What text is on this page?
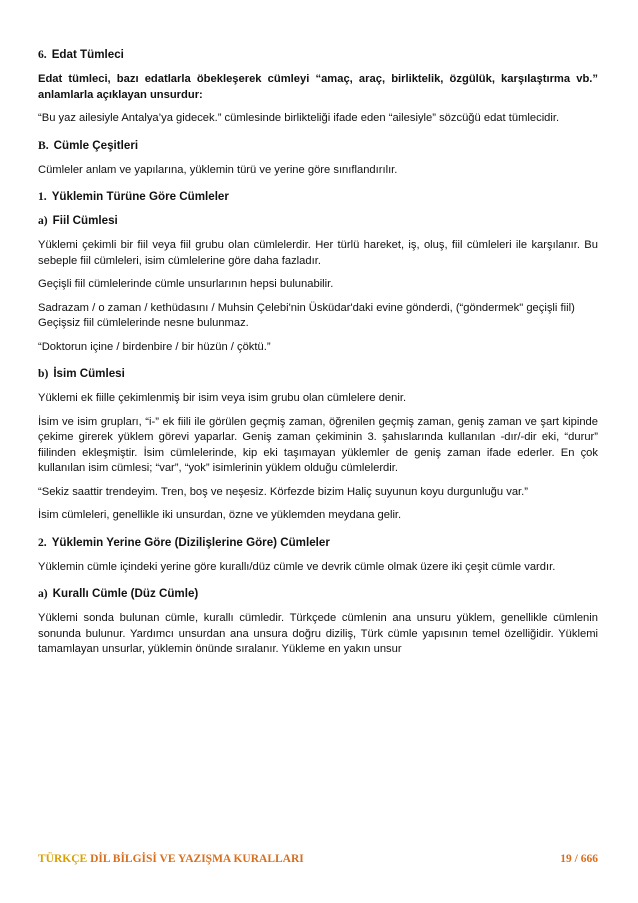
6. Edat Tümleci

Edat tümleci, bazı edatlarla öbekleşerek cümleyi “amaç, araç, birliktelik, özgülük, karşılaştırma vb.” anlamlarla açıklayan unsurdur:

“Bu yaz ailesiyle Antalya’ya gidecek.” cümlesinde birlikteliği ifade eden “ailesiyle” sözcüğü edat tümlecidir.

B. Cümle Çeşitleri

Cümleler anlam ve yapılarına, yüklemin türü ve yerine göre sınıflandırılır.

1. Yüklemin Türüne Göre Cümleler

a) Fiil Cümlesi

Yüklemi çekimli bir fiil veya fiil grubu olan cümlelerdir. Her türlü hareket, iş, oluş, fiil cümleleri ile karşılanır. Bu sebeple fiil cümleleri, isim cümlelerine göre daha fazladır.

Geçişli fiil cümlelerinde cümle unsurlarının hepsi bulunabilir.

Sadrazam / o zaman / kethüdasını / Muhsin Çelebi'nin Üsküdar'daki evine gönderdi, (“göndermek" geçişli fiil)

Geçişsiz fiil cümlelerinde nesne bulunmaz.

“Doktorun içine / birdenbire / bir hüzün / çöktü.”

b) İsim Cümlesi

Yüklemi ek fiille çekimlenmiş bir isim veya isim grubu olan cümlelere denir.

İsim ve isim grupları, “i-” ek fiili ile görülen geçmiş zaman, öğrenilen geçmiş zaman, geniş zaman ve şart kipinde çekime girerek yüklem görevi yaparlar. Geniş zaman çekiminin 3. şahıslarında kullanılan -dır/-dir eki, “durur” fiilinden ekleşmiştir. İsim cümlelerinde, kip eki taşımayan yüklemler de geniş zaman ifade ederler. En çok kullanılan isim cümlesi; “var”, “yok” isimlerinin yüklem olduğu cümlelerdir.

“Sekiz saattir trendeyim. Tren, boş ve neşesiz. Körfezde bizim Haliç suyunun koyu durgunluğu var.”

İsim cümleleri, genellikle iki unsurdan, özne ve yüklemden meydana gelir.

2. Yüklemin Yerine Göre (Dizilişlerine Göre) Cümleler

Yüklemin cümle içindeki yerine göre kurallı/düz cümle ve devrik cümle olmak üzere iki çeşit cümle vardır.

a) Kurallı Cümle (Düz Cümle)

Yüklemi sonda bulunan cümle, kurallı cümledir. Türkçede cümlenin ana unsuru yüklem, genellikle cümlenin sonunda bulunur. Yardımcı unsurdan ana unsura doğru diziliş, Türk cümle yapısının temel özelliğidir. Yüklemi tamamlayan unsurlar, yüklemin önünde sıralanır. Yükleme en yakın unsur

TÜRKÇE DİL BİLGİSİ VE YAZIŞMA KURALLARI	19 / 666
